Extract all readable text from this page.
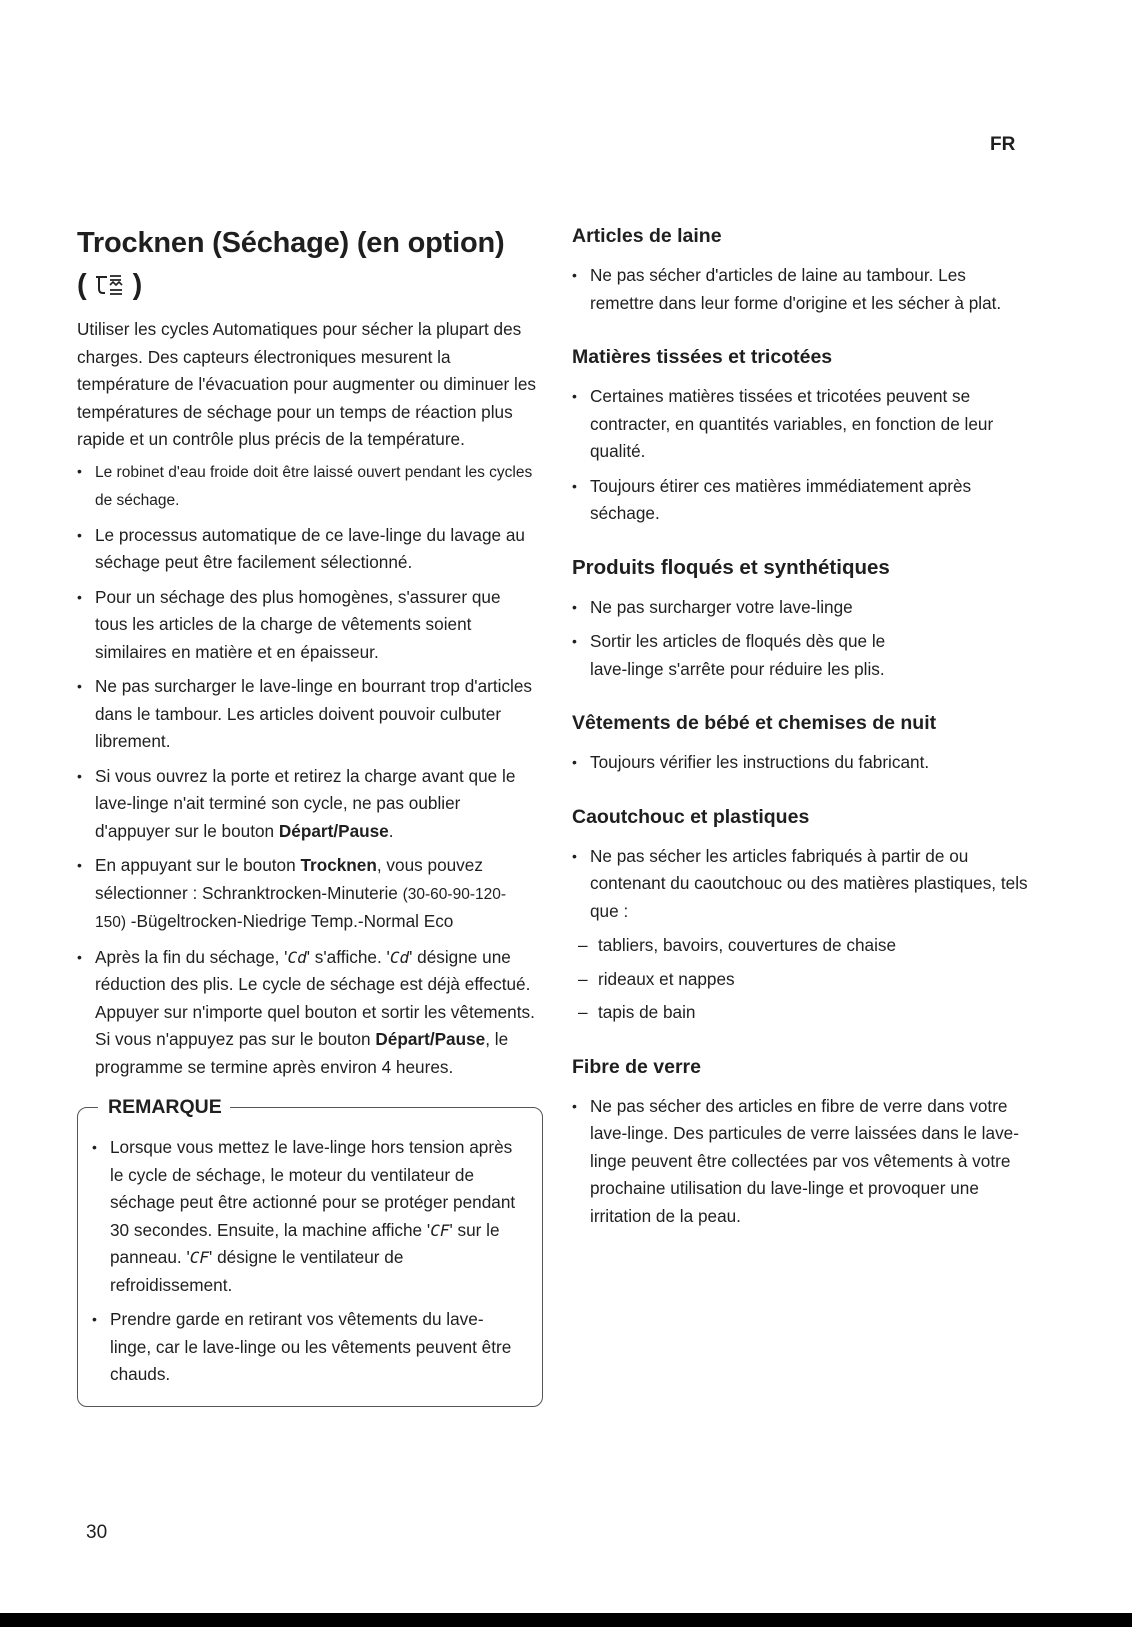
FR
Trocknen (Séchage) (en option)
( )

Utiliser les cycles Automatiques pour sécher la plupart des charges. Des capteurs électroniques mesurent la température de l'évacuation pour augmenter ou diminuer les températures de séchage pour un temps de réaction plus rapide et un contrôle plus précis de la température.

• Le robinet d'eau froide doit être laissé ouvert pendant les cycles de séchage.
• Le processus automatique de ce lave-linge du lavage au séchage peut être facilement sélectionné.
• Pour un séchage des plus homogènes, s'assurer que tous les articles de la charge de vêtements soient similaires en matière et en épaisseur.
• Ne pas surcharger le lave-linge en bourrant trop d'articles dans le tambour. Les articles doivent pouvoir culbuter librement.
• Si vous ouvrez la porte et retirez la charge avant que le lave-linge n'ait terminé son cycle, ne pas oublier d'appuyer sur le bouton Départ/Pause.
• En appuyant sur le bouton Trocknen, vous pouvez sélectionner : Schranktrocken-Minuterie (30-60-90-120-150) -Bügeltrocken-Niedrige Temp.-Normal Eco
• Après la fin du séchage, 'Cd' s'affiche. 'Cd' désigne une réduction des plis. Le cycle de séchage est déjà effectué. Appuyer sur n'importe quel bouton et sortir les vêtements. Si vous n'appuyez pas sur le bouton Départ/Pause, le programme se termine après environ 4 heures.
REMARQUE
• Lorsque vous mettez le lave-linge hors tension après le cycle de séchage, le moteur du ventilateur de séchage peut être actionné pour se protéger pendant 30 secondes. Ensuite, la machine affiche 'CF' sur le panneau. 'CF' désigne le ventilateur de refroidissement.
• Prendre garde en retirant vos vêtements du lave-linge, car le lave-linge ou les vêtements peuvent être chauds.
Articles de laine
• Ne pas sécher d'articles de laine au tambour. Les remettre dans leur forme d'origine et les sécher à plat.
Matières tissées et tricotées
• Certaines matières tissées et tricotées peuvent se contracter, en quantités variables, en fonction de leur qualité.
• Toujours étirer ces matières immédiatement après séchage.
Produits floqués et synthétiques
• Ne pas surcharger votre lave-linge
• Sortir les articles de floqués dès que le lave-linge s'arrête pour réduire les plis.
Vêtements de bébé et chemises de nuit
• Toujours vérifier les instructions du fabricant.
Caoutchouc et plastiques
• Ne pas sécher les articles fabriqués à partir de ou contenant du caoutchouc ou des matières plastiques, tels que :
– tabliers, bavoirs, couvertures de chaise
– rideaux et nappes
– tapis de bain
Fibre de verre
• Ne pas sécher des articles en fibre de verre dans votre lave-linge. Des particules de verre laissées dans le lave-linge peuvent être collectées par vos vêtements à votre prochaine utilisation du lave-linge et provoquer une irritation de la peau.
30
